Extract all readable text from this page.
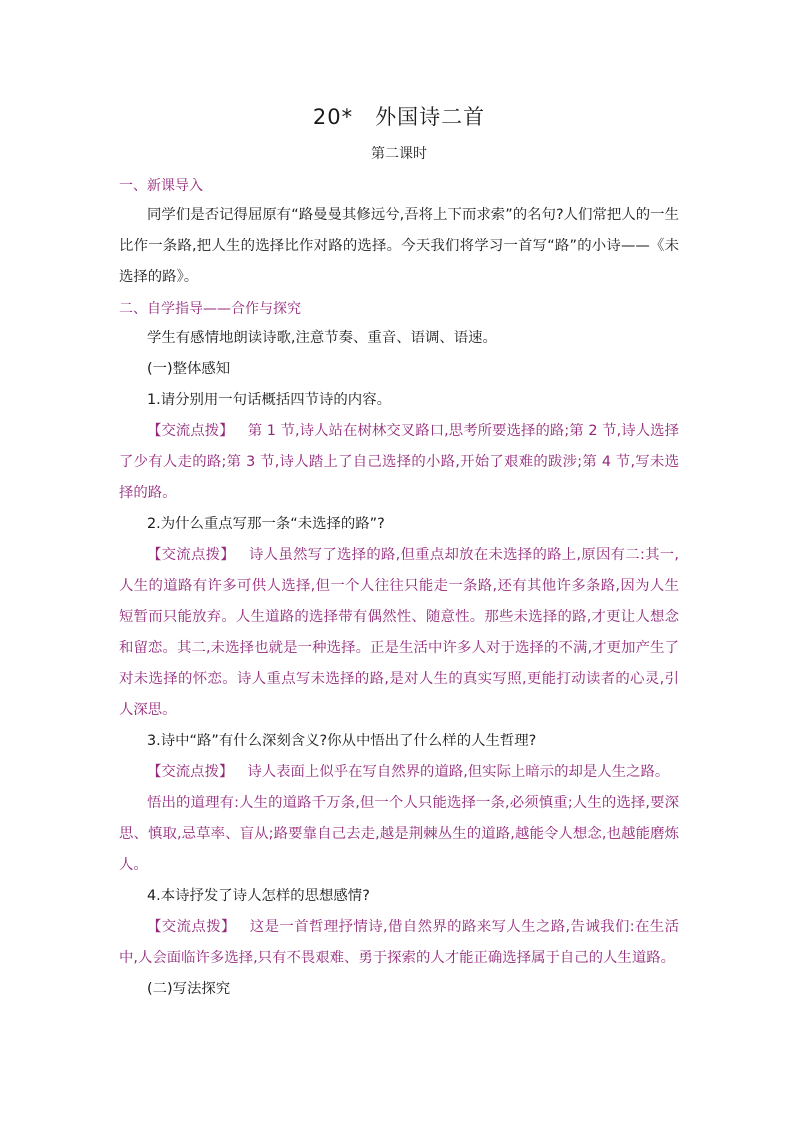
20*　外国诗二首
第二课时
一、新课导入

同学们是否记得屈原有“路曼曼其修远兮,吾将上下而求索”的名句?人们常把人的一生比作一条路,把人生的选择比作对路的选择。今天我们将学习一首写“路”的小诗——《未选择的路》。

二、自学指导——合作与探究

学生有感情地朗读诗歌,注意节奏、重音、语调、语速。

(一)整体感知

1.请分别用一句话概括四节诗的内容。

【交流点拨】 第 1 节,诗人站在树林交叉路口,思考所要选择的路;第 2 节,诗人选择了少有人走的路;第 3 节,诗人踏上了自己选择的小路,开始了艰难的跋涉;第 4 节,写未选择的路。

2.为什么重点写那一条“未选择的路”?

【交流点拨】 诗人虽然写了选择的路,但重点却放在未选择的路上,原因有二:其一,人生的道路有许多可供人选择,但一个人往往只能走一条路,还有其他许多条路,因为人生短暂而只能放弃。人生道路的选择带有偶然性、随意性。那些未选择的路,才更让人想念和留恋。其二,未选择也就是一种选择。正是生活中许多人对于选择的不满,才更加产生了对未选择的怀恋。诗人重点写未选择的路,是对人生的真实写照,更能打动读者的心灵,引人深思。

3.诗中“路”有什么深刻含义?你从中悟出了什么样的人生哲理?

【交流点拨】 诗人表面上似乎在写自然界的道路,但实际上暗示的却是人生之路。

悟出的道理有:人生的道路千万条,但一个人只能选择一条,必须慎重;人生的选择,要深思、慎取,忌草率、盲从;路要靠自己去走,越是荆棘丛生的道路,越能令人想念,也越能磨炼人。

4.本诗抒发了诗人怎样的思想感情?

【交流点拨】 这是一首哲理抒情诗,借自然界的路来写人生之路,告诫我们:在生活中,人会面临许多选择,只有不畏艰难、勇于探索的人才能正确选择属于自己的人生道路。

(二)写法探究
